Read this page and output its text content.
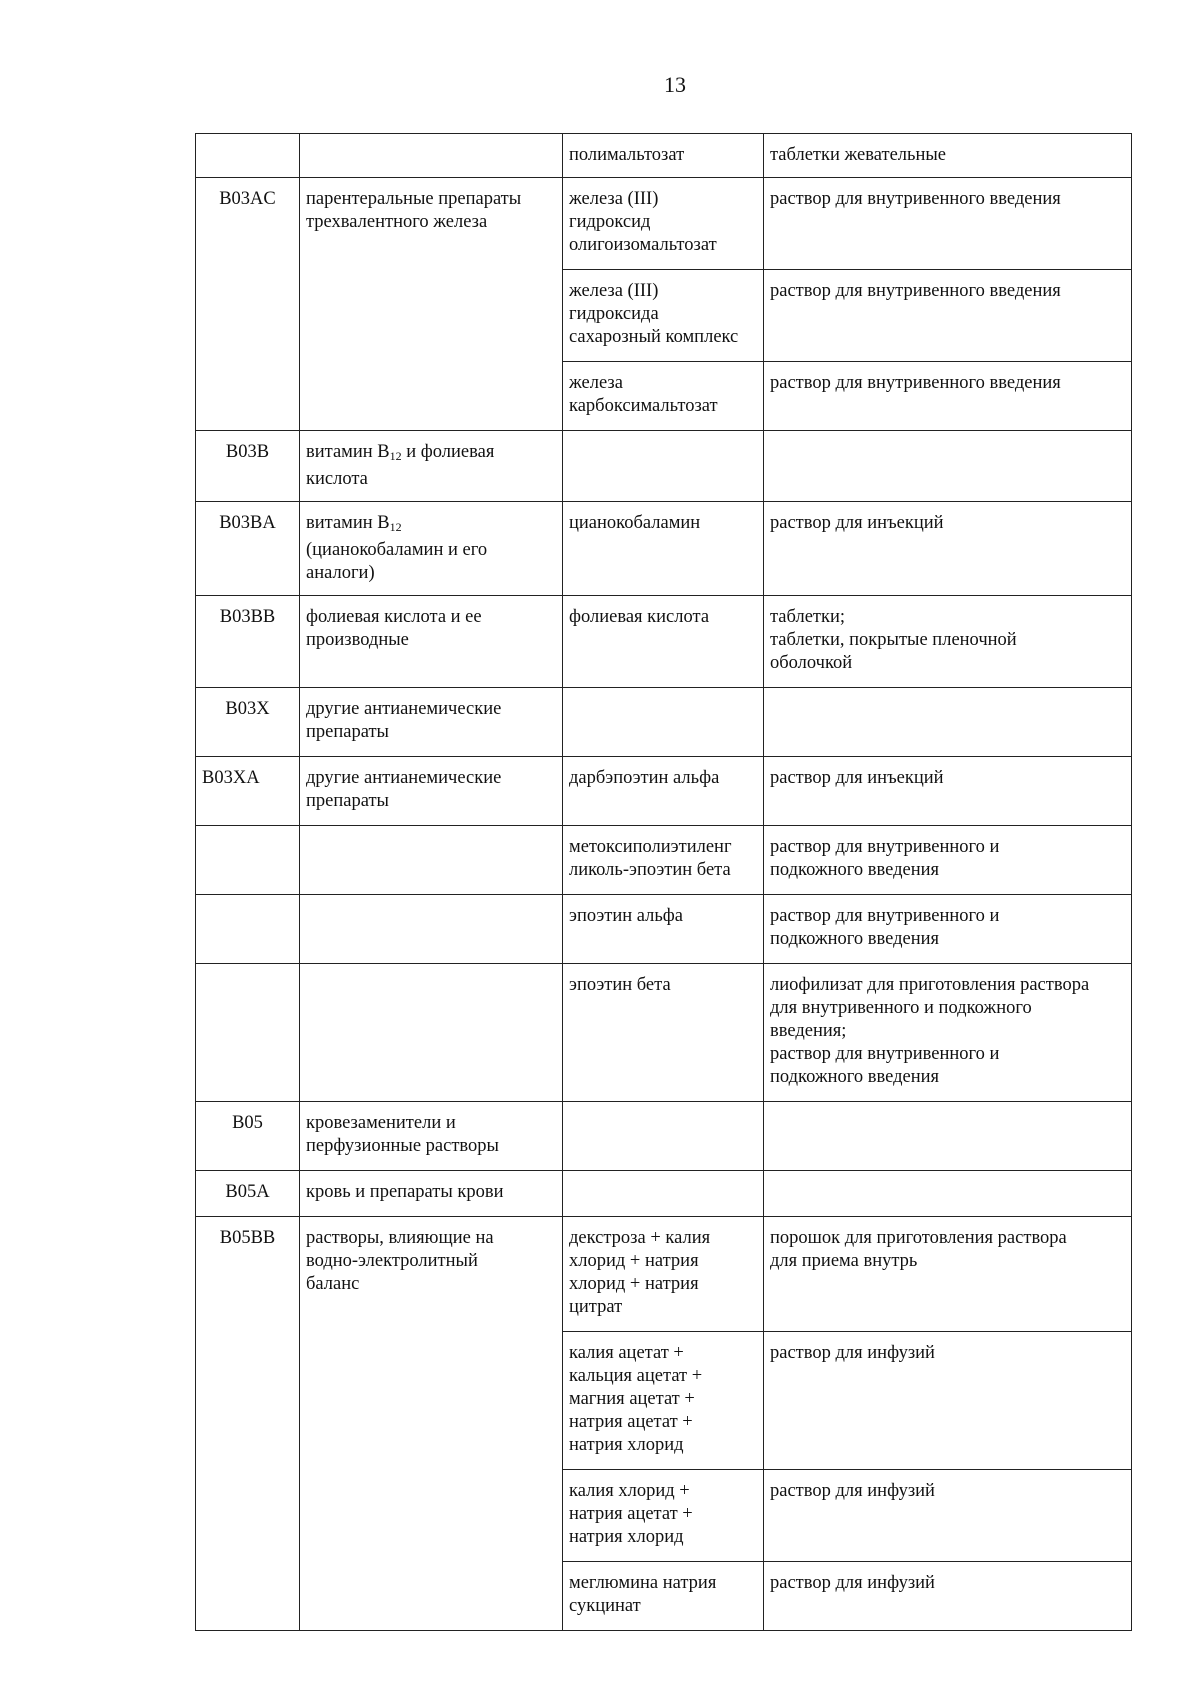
13
		полимальтозат	таблетки жевательные
B03AC	парентеральные препараты
трехвалентного железа	железа (III)
гидроксид
олигоизомальтозат	раствор для внутривенного введения
		железа (III)
гидроксида
сахарозный комплекс	раствор для внутривенного введения
		железа
карбоксимальтозат	раствор для внутривенного введения
B03B	витамин $B_{12}$ и фолиевая
кислота		
B03BA	витамин $B_{12}$
(цианокобаламин и его
аналоги)	цианокобаламин	раствор для инъекций
B03BB	фолиевая кислота и ее
производные	фолиевая кислота	таблетки;
таблетки, покрытые пленочной
оболочкой
B03X	другие антианемические
препараты		
B03XA	другие антианемические
препараты	дарбэпоэтин альфа	раствор для инъекций
		метоксиполиэтиленг
ликоль-эпоэтин бета	раствор для внутривенного и
подкожного введения
		эпоэтин альфа	раствор для внутривенного и
подкожного введения
		эпоэтин бета	лиофилизат для приготовления раствора
для внутривенного и подкожного
введения;
раствор для внутривенного и
подкожного введения
B05	кровезаменители и
перфузионные растворы		
B05A	кровь и препараты крови		
B05BB	растворы, влияющие на
водно-электролитный
баланс	декстроза + калия
хлорид + натрия
хлорид + натрия
цитрат	порошок для приготовления раствора
для приема внутрь
		калия ацетат +
кальция ацетат +
магния ацетат +
натрия ацетат +
натрия хлорид	раствор для инфузий
		калия хлорид +
натрия ацетат +
натрия хлорид	раствор для инфузий
		меглюмина натрия
сукцинат	раствор для инфузий
